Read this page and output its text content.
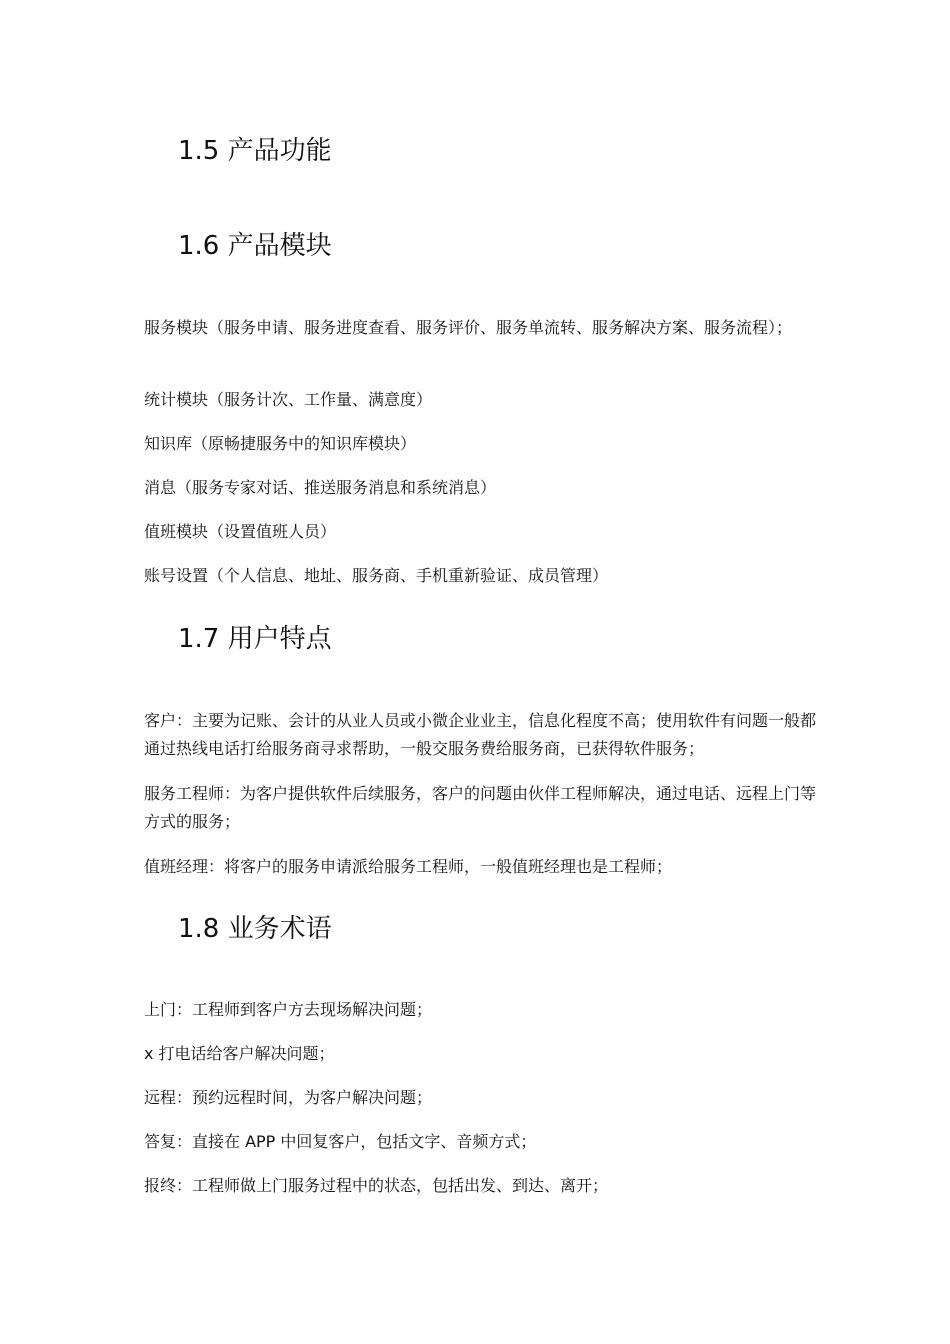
1.5 产品功能
1.6 产品模块

服务模块（服务申请、服务进度查看、服务评价、服务单流转、服务解决方案、服务流程）；

统计模块（服务计次、工作量、满意度）

知识库（原畅捷服务中的知识库模块）

消息（服务专家对话、推送服务消息和系统消息）

值班模块（设置值班人员）

账号设置（个人信息、地址、服务商、手机重新验证、成员管理）

1.7 用户特点

客户：主要为记账、会计的从业人员或小微企业业主，信息化程度不高；使用软件有问题一般都通过热线电话打给服务商寻求帮助，一般交服务费给服务商，已获得软件服务；

服务工程师：为客户提供软件后续服务，客户的问题由伙伴工程师解决，通过电话、远程上门等方式的服务；

值班经理：将客户的服务申请派给服务工程师，一般值班经理也是工程师；

1.8 业务术语

上门：工程师到客户方去现场解决问题；

x 打电话给客户解决问题；

远程：预约远程时间，为客户解决问题；

答复：直接在 APP 中回复客户，包括文字、音频方式；

报终：工程师做上门服务过程中的状态，包括出发、到达、离开；
